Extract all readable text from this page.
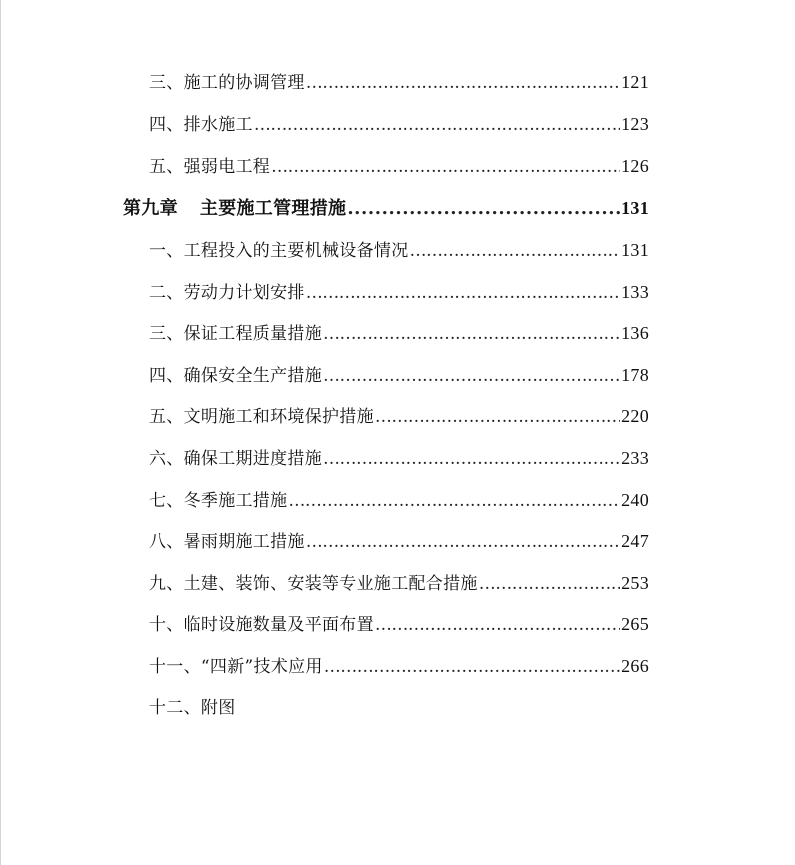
三、施工的协调管理 ……………………………………………………………………………………………………………………	121
四、排水施工 ……………………………………………………………………………………………………………………	123
五、强弱电工程 ……………………………………………………………………………………………………………………	126
第九章 主要施工管理措施 .....	131
一、工程投入的主要机械设备情况 ……………………………………………………………………………………………………………………	131
二、劳动力计划安排 ……………………………………………………………………………………………………………………	133
三、保证工程质量措施 ……………………………………………………………………………………………………………………	136
四、确保安全生产措施 ……………………………………………………………………………………………………………………	178
五、文明施工和环境保护措施 ……………………………………………………………………………………………………………………	220
六、确保工期进度措施 ……………………………………………………………………………………………………………………	233
七、冬季施工措施 ……………………………………………………………………………………………………………………	240
八、暑雨期施工措施 ……………………………………………………………………………………………………………………	247
九、土建、装饰、安装等专业施工配合措施 ……………………………………………………………………………………………………………………	253
十、临时设施数量及平面布置 ……………………………………………………………………………………………………………………	265
十一、“四新”技术应用 ……………………………………………………………………………………………………………………	266
十二、附图
